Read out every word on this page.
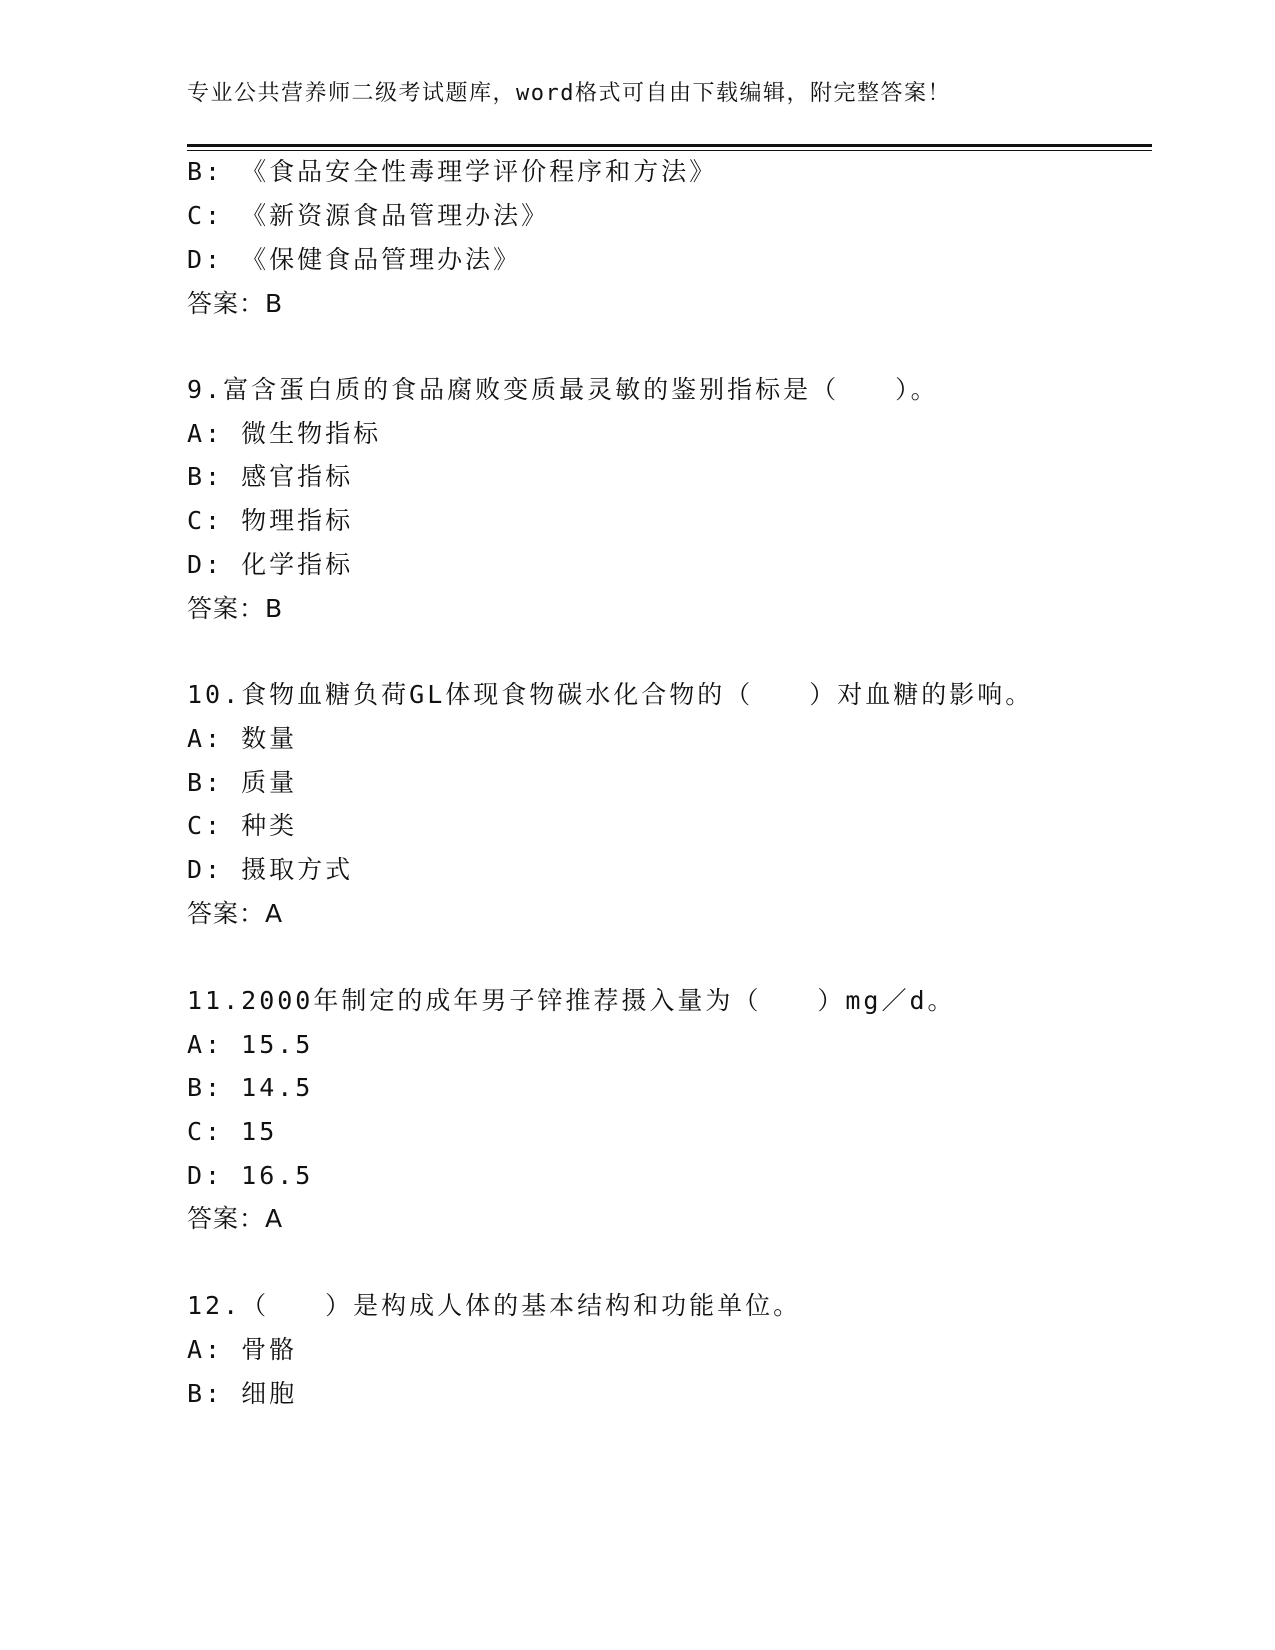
专业公共营养师二级考试题库，word格式可自由下载编辑，附完整答案！
B: 《食品安全性毒理学评价程序和方法》
C: 《新资源食品管理办法》
D: 《保健食品管理办法》
答案：B
9.富含蛋白质的食品腐败变质最灵敏的鉴别指标是（　　）。
A: 微生物指标
B: 感官指标
C: 物理指标
D: 化学指标
答案：B
10.食物血糖负荷GL体现食物碳水化合物的（　　）对血糖的影响。
A: 数量
B: 质量
C: 种类
D: 摄取方式
答案：A
11.2000年制定的成年男子锌推荐摄入量为（　　）mg／d。
A: 15.5
B: 14.5
C: 15
D: 16.5
答案：A
12.（　　）是构成人体的基本结构和功能单位。
A: 骨骼
B: 细胞
